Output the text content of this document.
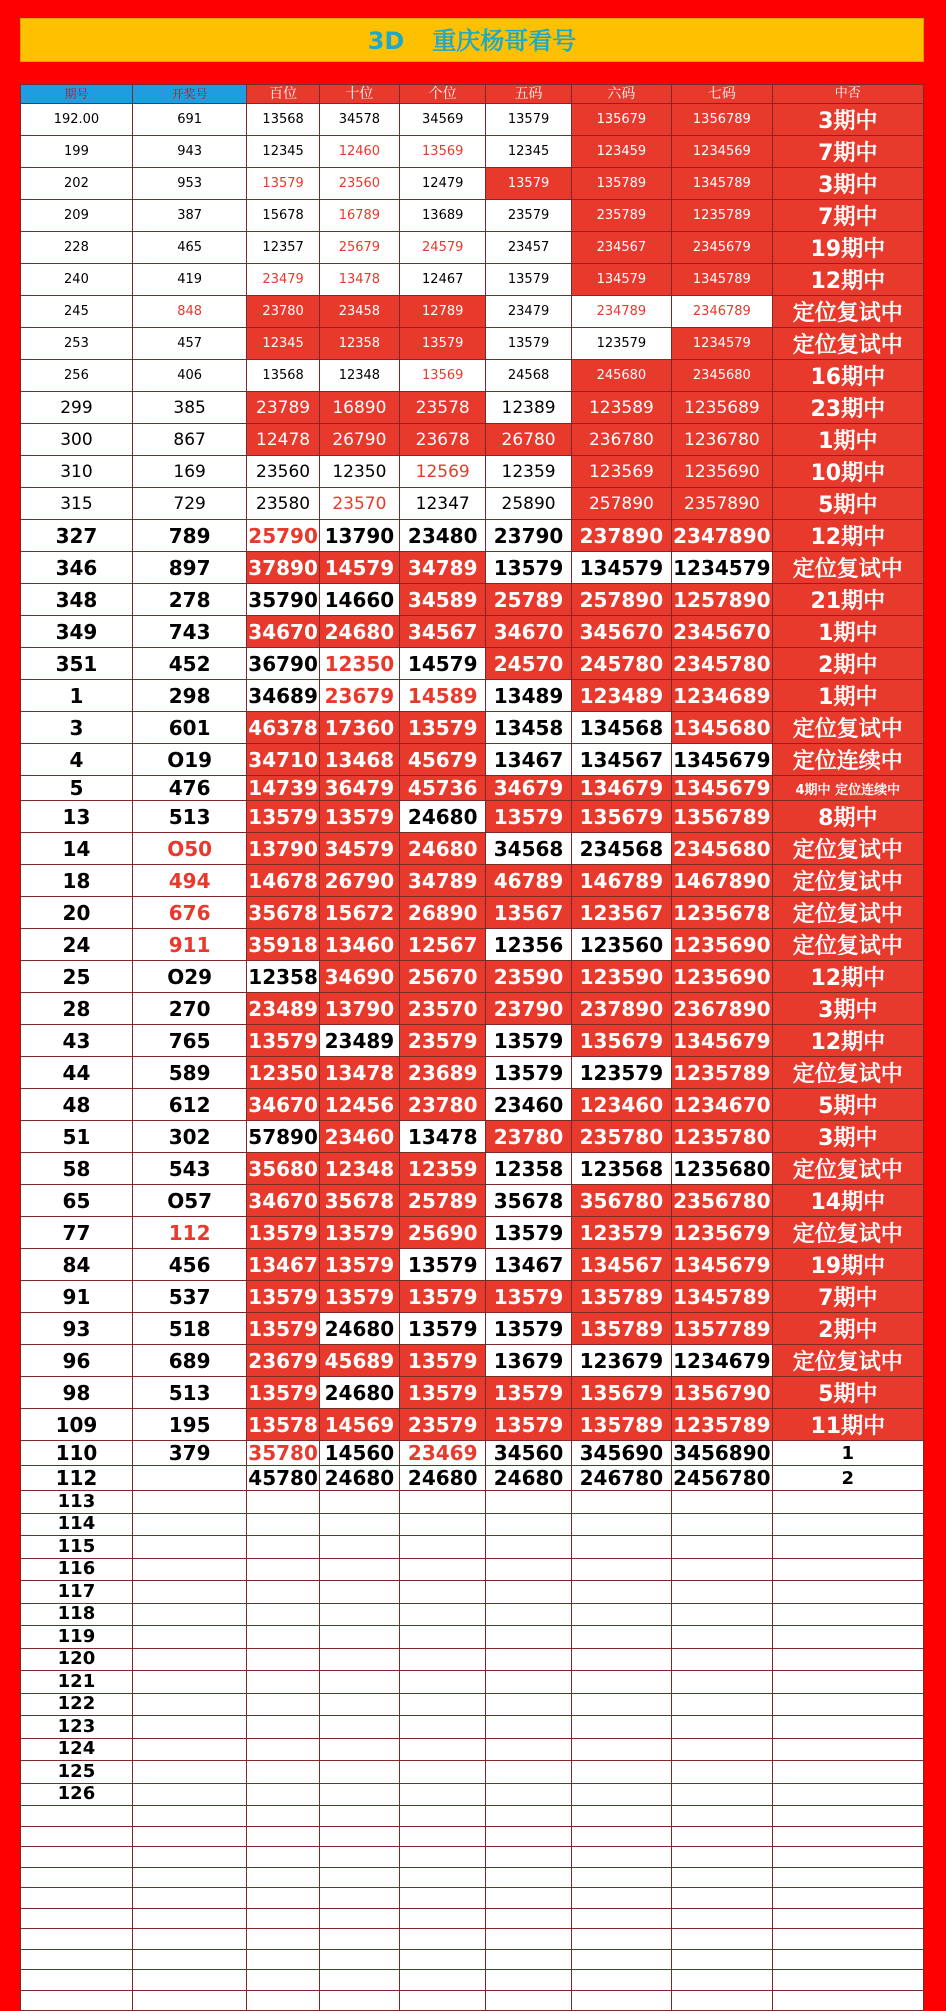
3D 重庆杨哥看号
期号	开奖号	百位	十位	个位	五码	六码	七码	中否
192.00	691	13568	34578	34569	13579	135679	1356789	3期中
199	943	12345	12460	13569	12345	123459	1234569	7期中
202	953	13579	23560	12479	13579	135789	1345789	3期中
209	387	15678	16789	13689	23579	235789	1235789	7期中
228	465	12357	25679	24579	23457	234567	2345679	19期中
240	419	23479	13478	12467	13579	134579	1345789	12期中
245	848	23780	23458	12789	23479	234789	2346789	定位复试中
253	457	12345	12358	13579	13579	123579	1234579	定位复试中
256	406	13568	12348	13569	24568	245680	2345680	16期中
299	385	23789	16890	23578	12389	123589	1235689	23期中
300	867	12478	26790	23678	26780	236780	1236780	1期中
310	169	23560	12350	12569	12359	123569	1235690	10期中
315	729	23580	23570	12347	25890	257890	2357890	5期中
327	789	25790	13790	23480	23790	237890	2347890	12期中
346	897	37890	14579	34789	13579	134579	1234579	定位复试中
348	278	35790	14660	34589	25789	257890	1257890	21期中
349	743	34670	24680	34567	34670	345670	2345670	1期中
351	452	36790	12350	14579	24570	245780	2345780	2期中
1	298	34689	23679	14589	13489	123489	1234689	1期中
3	601	46378	17360	13579	13458	134568	1345680	定位复试中
4	O19	34710	13468	45679	13467	134567	1345679	定位连续中
5	476	14739	36479	45736	34679	134679	1345679	4期中 定位连续中
13	513	13579	13579	24680	13579	135679	1356789	8期中
14	O50	13790	34579	24680	34568	234568	2345680	定位复试中
18	494	14678	26790	34789	46789	146789	1467890	定位复试中
20	676	35678	15672	26890	13567	123567	1235678	定位复试中
24	911	35918	13460	12567	12356	123560	1235690	定位复试中
25	O29	12358	34690	25670	23590	123590	1235690	12期中
28	270	23489	13790	23570	23790	237890	2367890	3期中
43	765	13579	23489	23579	13579	135679	1345679	12期中
44	589	12350	13478	23689	13579	123579	1235789	定位复试中
48	612	34670	12456	23780	23460	123460	1234670	5期中
51	302	57890	23460	13478	23780	235780	1235780	3期中
58	543	35680	12348	12359	12358	123568	1235680	定位复试中
65	O57	34670	35678	25789	35678	356780	2356780	14期中
77	112	13579	13579	25690	13579	123579	1235679	定位复试中
84	456	13467	13579	13579	13467	134567	1345679	19期中
91	537	13579	13579	13579	13579	135789	1345789	7期中
93	518	13579	24680	13579	13579	135789	1357789	2期中
96	689	23679	45689	13579	13679	123679	1234679	定位复试中
98	513	13579	24680	13579	13579	135679	1356790	5期中
109	195	13578	14569	23579	13579	135789	1235789	11期中
110	379	35780	14560	23469	34560	345690	3456890	1
112		45780	24680	24680	24680	246780	2456780	2
113								
114								
115								
116								
117								
118								
119								
120								
121								
122								
123								
124								
125								
126								
